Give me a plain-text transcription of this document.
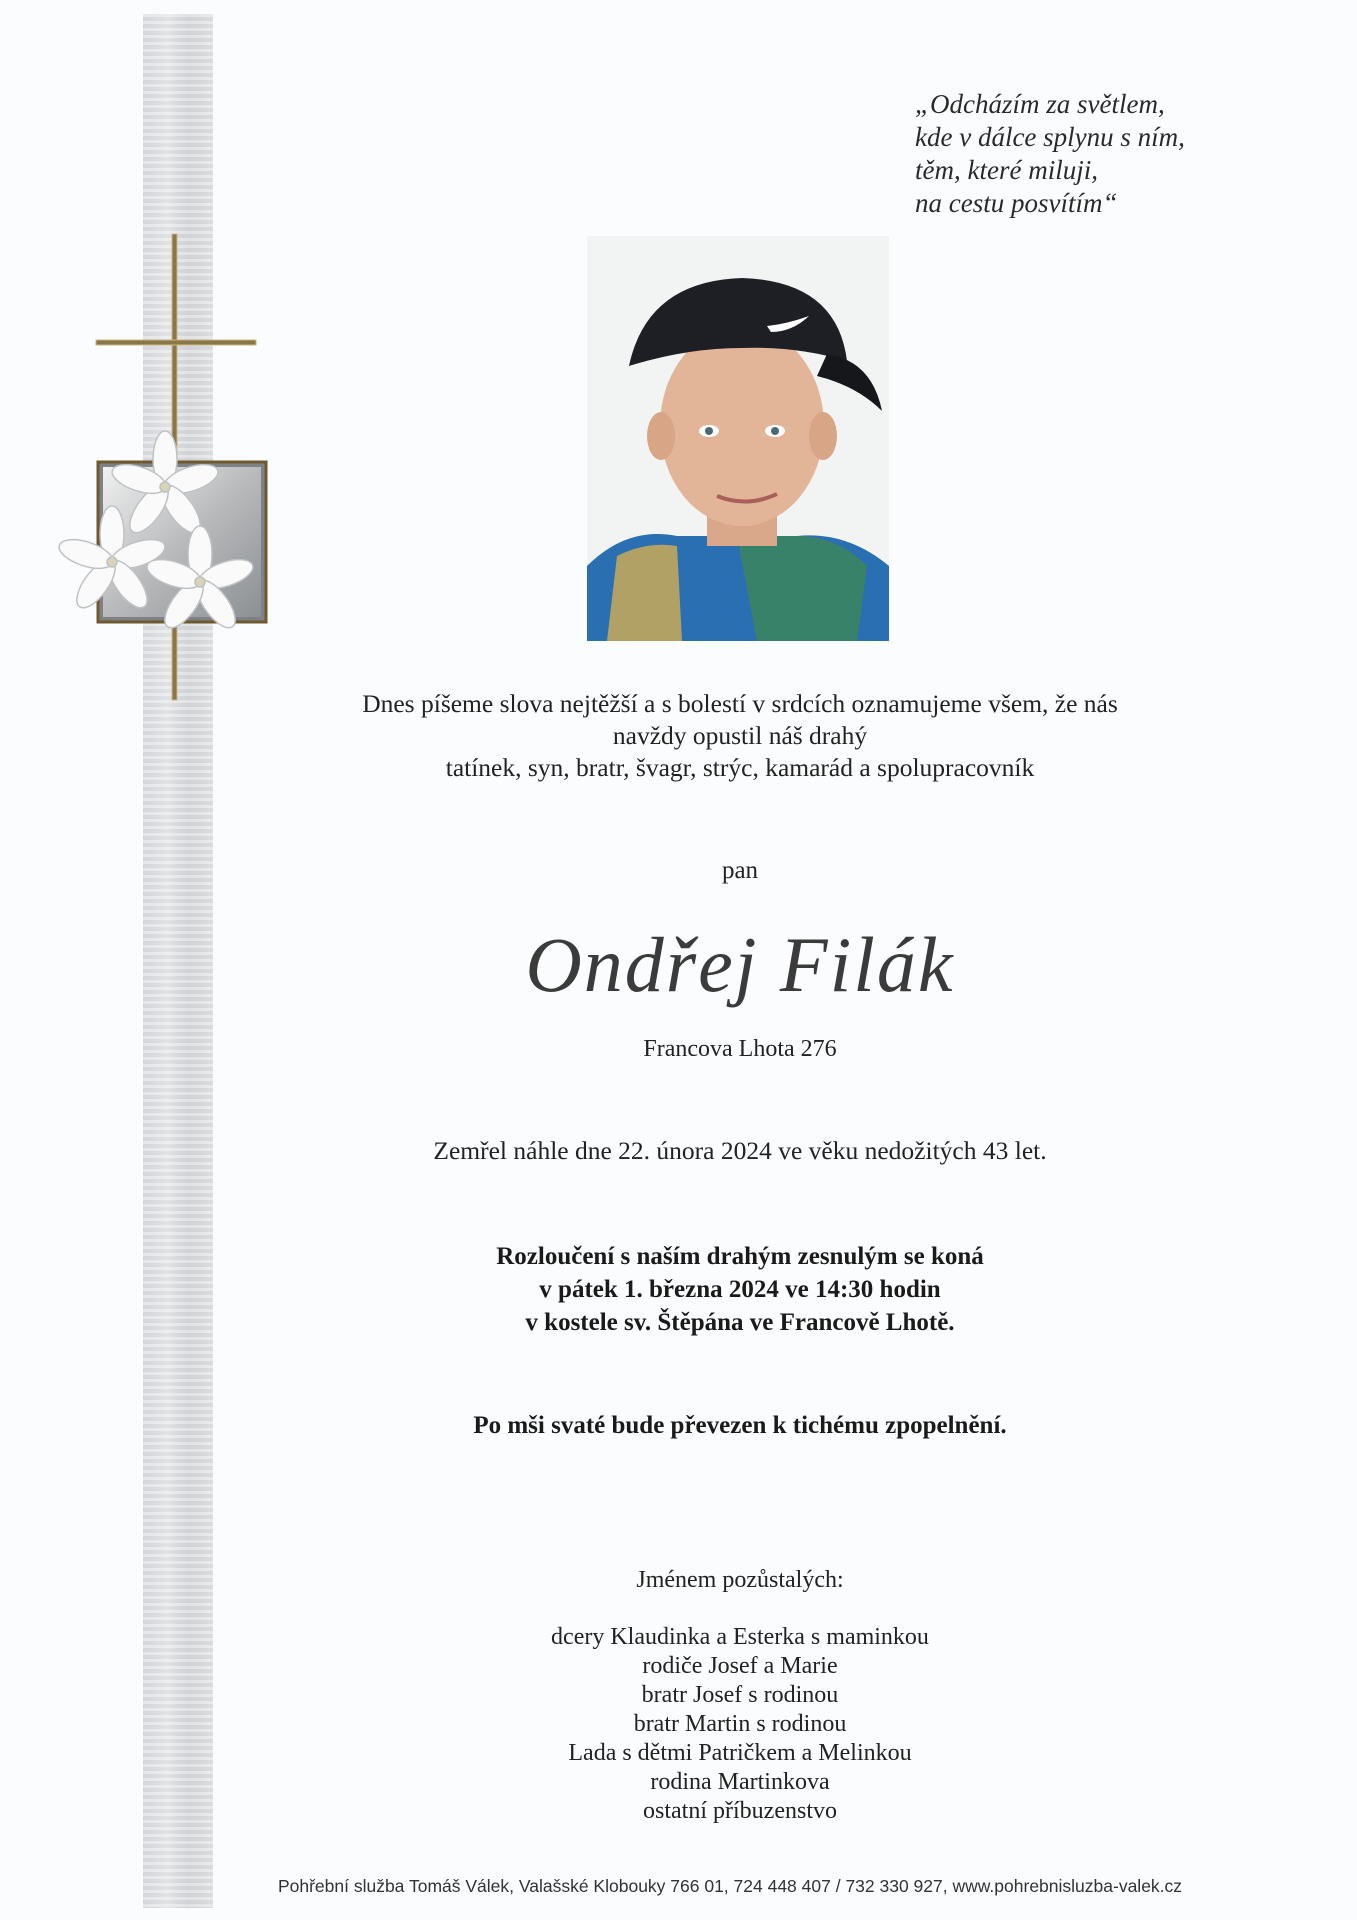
„Odcházím za světlem,
kde v dálce splynu s ním,
těm, které miluji,
na cestu posvítím“
Dnes píšeme slova nejtěžší a s bolestí v srdcích oznamujeme všem, že nás
navždy opustil náš drahý
tatínek, syn, bratr, švagr, strýc, kamarád a spolupracovník
pan
Ondřej Filák
Francova Lhota 276
Zemřel náhle dne 22. února 2024 ve věku nedožitých 43 let.
Rozloučení s naším drahým zesnulým se koná
v pátek 1. března 2024 ve 14:30 hodin
v kostele sv. Štěpána ve Francově Lhotě.
Po mši svaté bude převezen k tichému zpopelnění.
Jménem pozůstalých:
dcery Klaudinka a Esterka s maminkou
rodiče Josef a Marie
bratr Josef s rodinou
bratr Martin s rodinou
Lada s dětmi Patričkem a Melinkou
rodina Martinkova
ostatní příbuzenstvo
Pohřební služba Tomáš Válek, Valašské Klobouky 766 01, 724 448 407 / 732 330 927, www.pohrebnisluzba-valek.cz
